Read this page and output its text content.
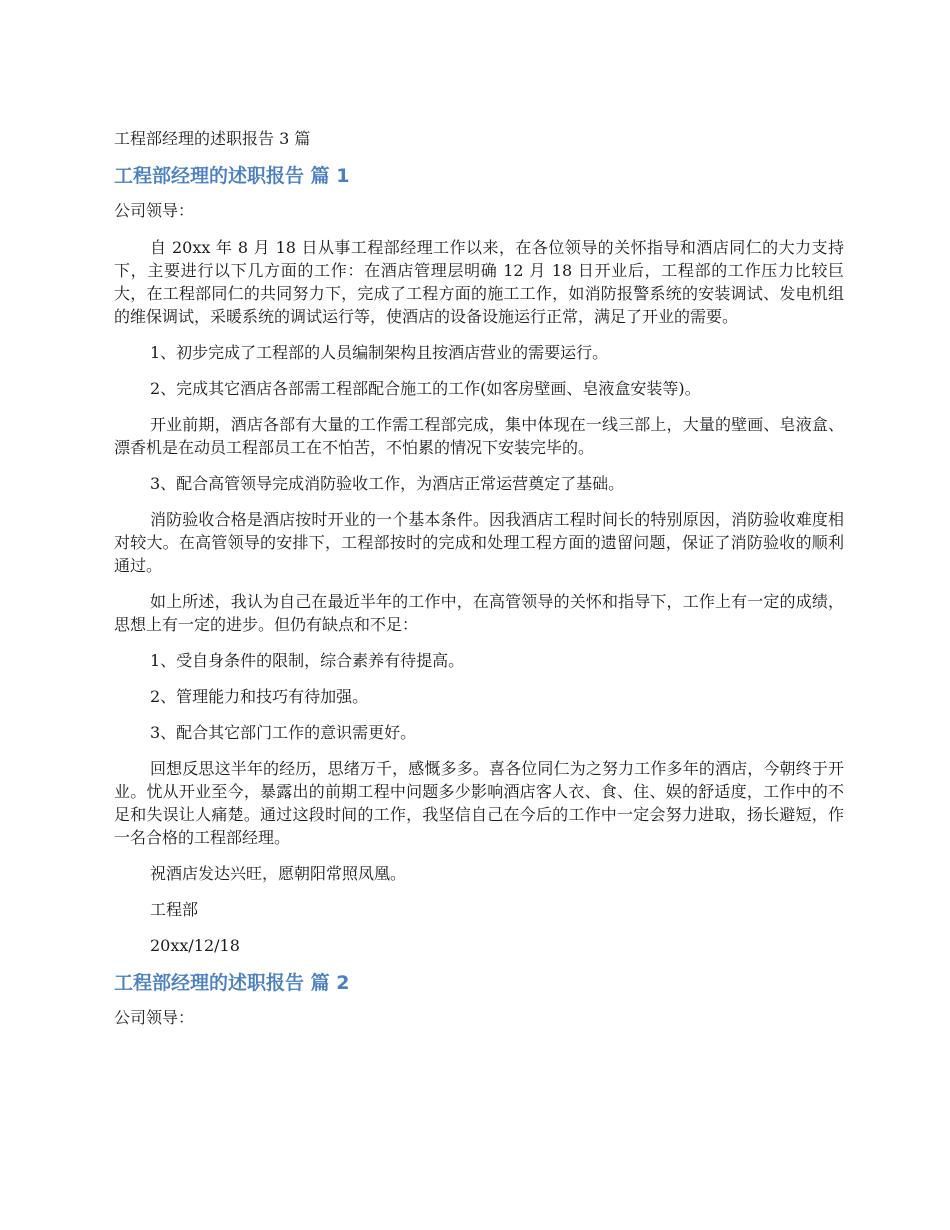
工程部经理的述职报告 3 篇
工程部经理的述职报告 篇 1
公司领导：
自 20xx 年 8 月 18 日从事工程部经理工作以来，在各位领导的关怀指导和酒店同仁的大力支持下，主要进行以下几方面的工作：在酒店管理层明确 12 月 18 日开业后，工程部的工作压力比较巨大，在工程部同仁的共同努力下，完成了工程方面的施工工作，如消防报警系统的安装调试、发电机组的维保调试，采暖系统的调试运行等，使酒店的设备设施运行正常，满足了开业的需要。
1、初步完成了工程部的人员编制架构且按酒店营业的需要运行。
2、完成其它酒店各部需工程部配合施工的工作(如客房壁画、皂液盒安装等)。
开业前期，酒店各部有大量的工作需工程部完成，集中体现在一线三部上，大量的壁画、皂液盒、漂香机是在动员工程部员工在不怕苦，不怕累的情况下安装完毕的。
3、配合高管领导完成消防验收工作，为酒店正常运营奠定了基础。
消防验收合格是酒店按时开业的一个基本条件。因我酒店工程时间长的特别原因，消防验收难度相对较大。在高管领导的安排下，工程部按时的完成和处理工程方面的遗留问题，保证了消防验收的顺利通过。
如上所述，我认为自己在最近半年的工作中，在高管领导的关怀和指导下，工作上有一定的成绩，思想上有一定的进步。但仍有缺点和不足：
1、受自身条件的限制，综合素养有待提高。
2、管理能力和技巧有待加强。
3、配合其它部门工作的意识需更好。
回想反思这半年的经历，思绪万千，感慨多多。喜各位同仁为之努力工作多年的酒店，今朝终于开业。忧从开业至今，暴露出的前期工程中问题多少影响酒店客人衣、食、住、娱的舒适度，工作中的不足和失误让人痛楚。通过这段时间的工作，我坚信自己在今后的工作中一定会努力进取，扬长避短，作一名合格的工程部经理。
祝酒店发达兴旺，愿朝阳常照凤凰。
工程部
20xx/12/18
工程部经理的述职报告 篇 2
公司领导：
